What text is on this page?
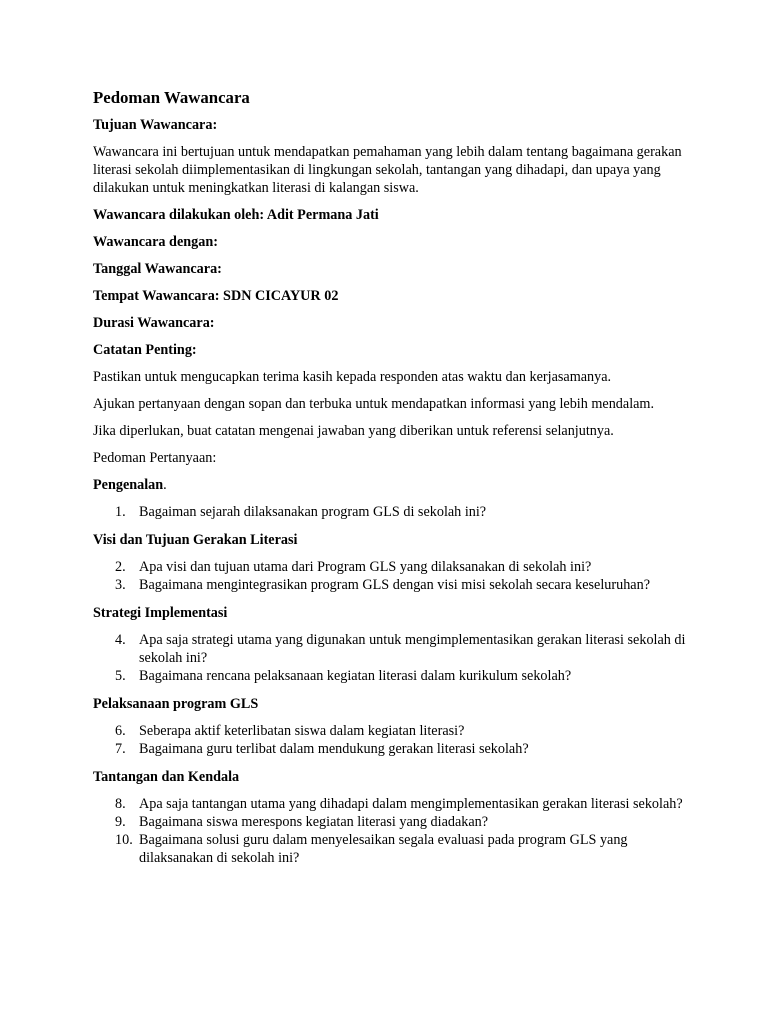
Pedoman Wawancara
Tujuan Wawancara:
Wawancara ini bertujuan untuk mendapatkan pemahaman yang lebih dalam tentang bagaimana gerakan literasi sekolah diimplementasikan di lingkungan sekolah, tantangan yang dihadapi, dan upaya yang dilakukan untuk meningkatkan literasi di kalangan siswa.
Wawancara dilakukan oleh: Adit Permana Jati
Wawancara dengan:
Tanggal Wawancara:
Tempat Wawancara: SDN CICAYUR 02
Durasi Wawancara:
Catatan Penting:
Pastikan untuk mengucapkan terima kasih kepada responden atas waktu dan kerjasamanya.
Ajukan pertanyaan dengan sopan dan terbuka untuk mendapatkan informasi yang lebih mendalam.
Jika diperlukan, buat catatan mengenai jawaban yang diberikan untuk referensi selanjutnya.
Pedoman Pertanyaan:
Pengenalan.
1. Bagaiman sejarah dilaksanakan program GLS di sekolah ini?
Visi dan Tujuan Gerakan Literasi
2. Apa visi dan tujuan utama dari Program GLS yang dilaksanakan di sekolah ini?
3. Bagaimana mengintegrasikan program GLS dengan visi misi sekolah secara keseluruhan?
Strategi Implementasi
4. Apa saja strategi utama yang digunakan untuk mengimplementasikan gerakan literasi sekolah di sekolah ini?
5. Bagaimana rencana pelaksanaan kegiatan literasi dalam kurikulum sekolah?
Pelaksanaan program GLS
6. Seberapa aktif keterlibatan siswa dalam kegiatan literasi?
7. Bagaimana guru terlibat dalam mendukung gerakan literasi sekolah?
Tantangan dan Kendala
8. Apa saja tantangan utama yang dihadapi dalam mengimplementasikan gerakan literasi sekolah?
9. Bagaimana siswa merespons kegiatan literasi yang diadakan?
10. Bagaimana solusi guru dalam menyelesaikan segala evaluasi pada program GLS yang dilaksanakan di sekolah ini?
